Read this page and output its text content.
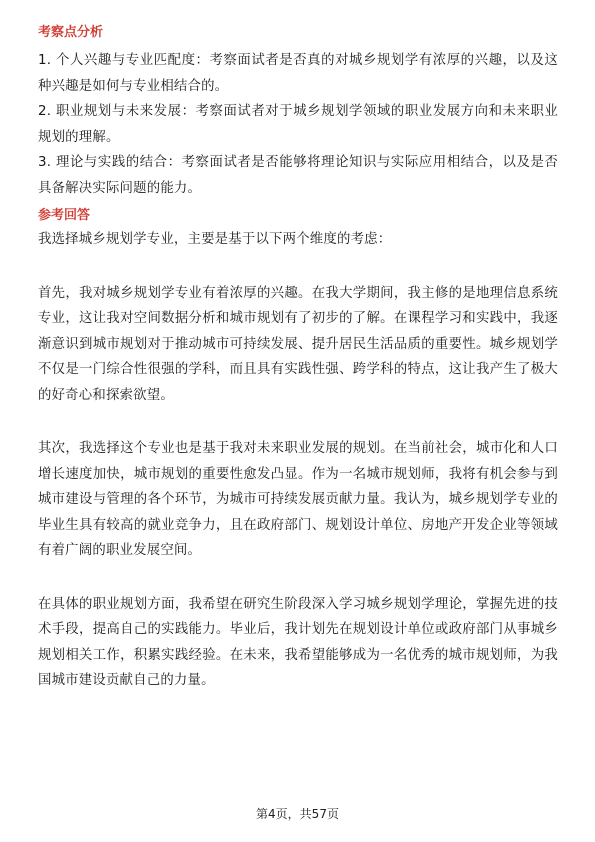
考察点分析

1. 个人兴趣与专业匹配度：考察面试者是否真的对城乡规划学有浓厚的兴趣，以及这种兴趣是如何与专业相结合的。

2. 职业规划与未来发展：考察面试者对于城乡规划学领域的职业发展方向和未来职业规划的理解。

3. 理论与实践的结合：考察面试者是否能够将理论知识与实际应用相结合，以及是否具备解决实际问题的能力。

参考回答

我选择城乡规划学专业，主要是基于以下两个维度的考虑：

首先，我对城乡规划学专业有着浓厚的兴趣。在我大学期间，我主修的是地理信息系统专业，这让我对空间数据分析和城市规划有了初步的了解。在课程学习和实践中，我逐渐意识到城市规划对于推动城市可持续发展、提升居民生活品质的重要性。城乡规划学不仅是一门综合性很强的学科，而且具有实践性强、跨学科的特点，这让我产生了极大的好奇心和探索欲望。

其次，我选择这个专业也是基于我对未来职业发展的规划。在当前社会，城市化和人口增长速度加快，城市规划的重要性愈发凸显。作为一名城市规划师，我将有机会参与到城市建设与管理的各个环节，为城市可持续发展贡献力量。我认为，城乡规划学专业的毕业生具有较高的就业竞争力，且在政府部门、规划设计单位、房地产开发企业等领域有着广阔的职业发展空间。

在具体的职业规划方面，我希望在研究生阶段深入学习城乡规划学理论，掌握先进的技术手段，提高自己的实践能力。毕业后，我计划先在规划设计单位或政府部门从事城乡规划相关工作，积累实践经验。在未来，我希望能够成为一名优秀的城市规划师，为我国城市建设贡献自己的力量。

第4页，共57页
